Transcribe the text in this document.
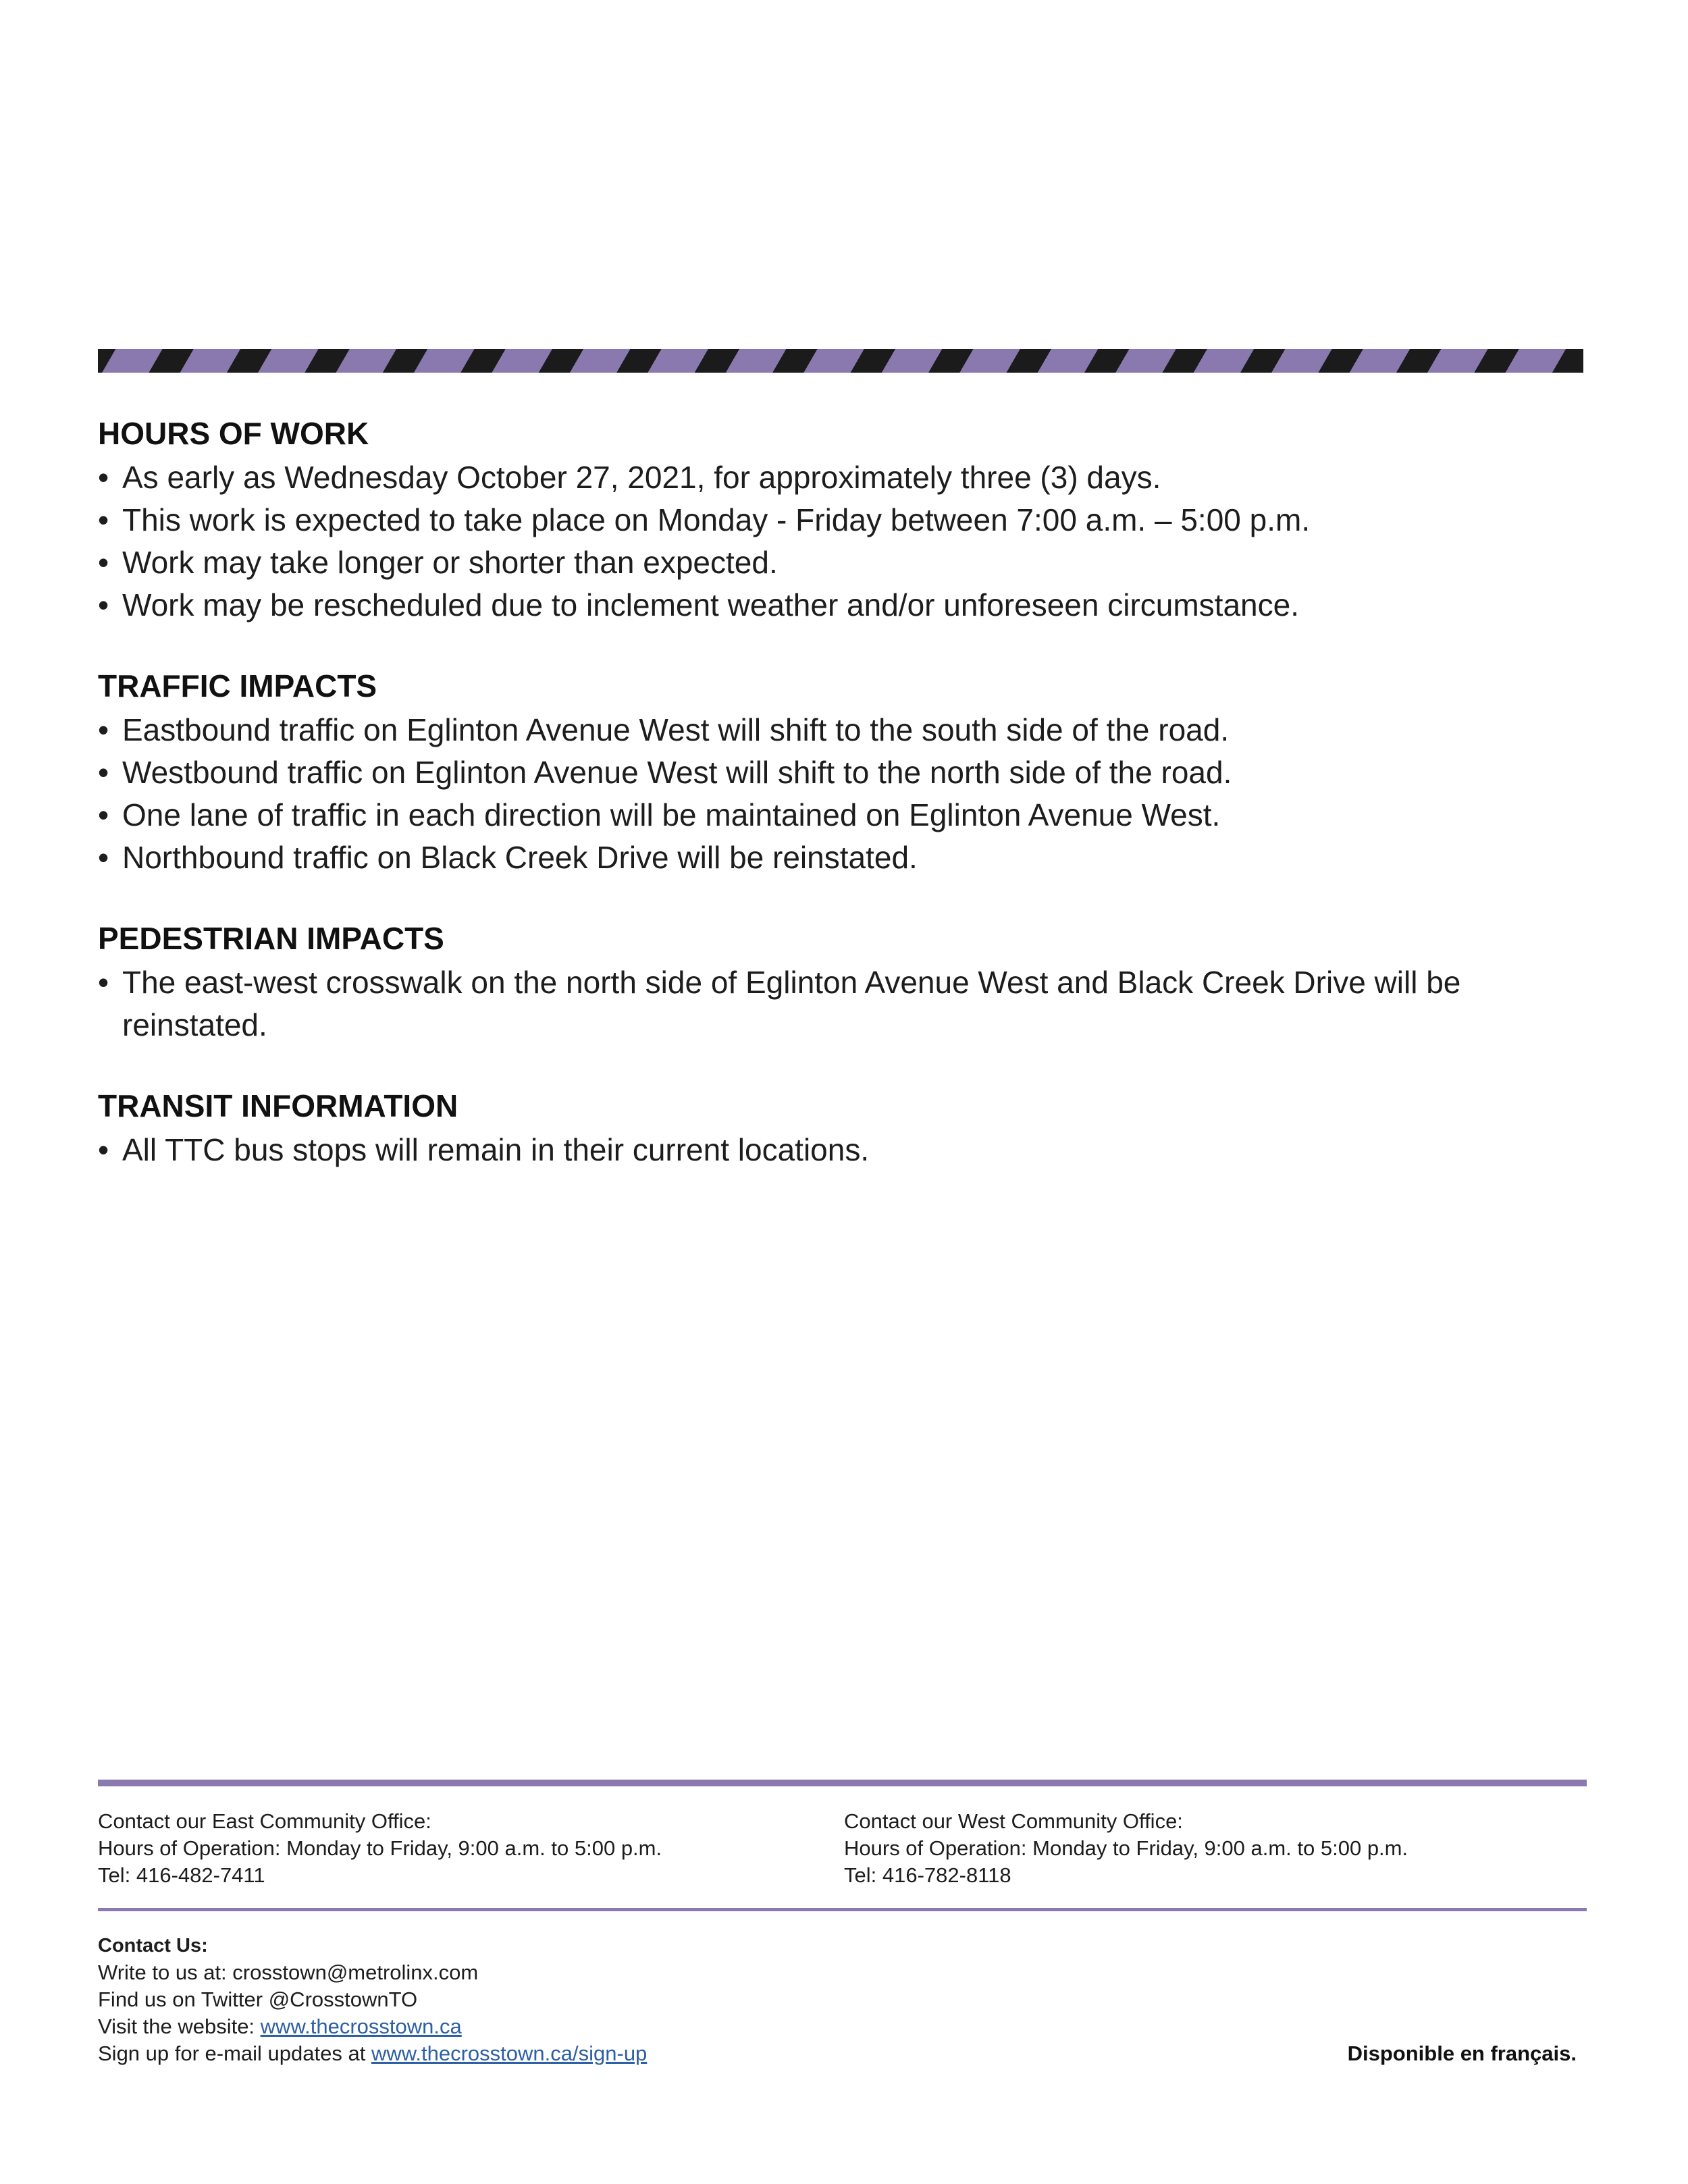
HOURS OF WORK
• As early as Wednesday October 27, 2021, for approximately three (3) days.
• This work is expected to take place on Monday - Friday between 7:00 a.m. – 5:00 p.m.
• Work may take longer or shorter than expected.
• Work may be rescheduled due to inclement weather and/or unforeseen circumstance.
TRAFFIC IMPACTS
• Eastbound traffic on Eglinton Avenue West will shift to the south side of the road.
• Westbound traffic on Eglinton Avenue West will shift to the north side of the road.
• One lane of traffic in each direction will be maintained on Eglinton Avenue West.
• Northbound traffic on Black Creek Drive will be reinstated.
PEDESTRIAN IMPACTS
• The east-west crosswalk on the north side of Eglinton Avenue West and Black Creek Drive will be reinstated.
TRANSIT INFORMATION
• All TTC bus stops will remain in their current locations.
Contact our East Community Office:
Hours of Operation: Monday to Friday, 9:00 a.m. to 5:00 p.m.
Tel: 416-482-7411
Contact our West Community Office:
Hours of Operation: Monday to Friday, 9:00 a.m. to 5:00 p.m.
Tel: 416-782-8118
Contact Us:
Write to us at: crosstown@metrolinx.com
Find us on Twitter @CrosstownTO
Visit the website: www.thecrosstown.ca
Sign up for e-mail updates at www.thecrosstown.ca/sign-up	Disponible en français.
